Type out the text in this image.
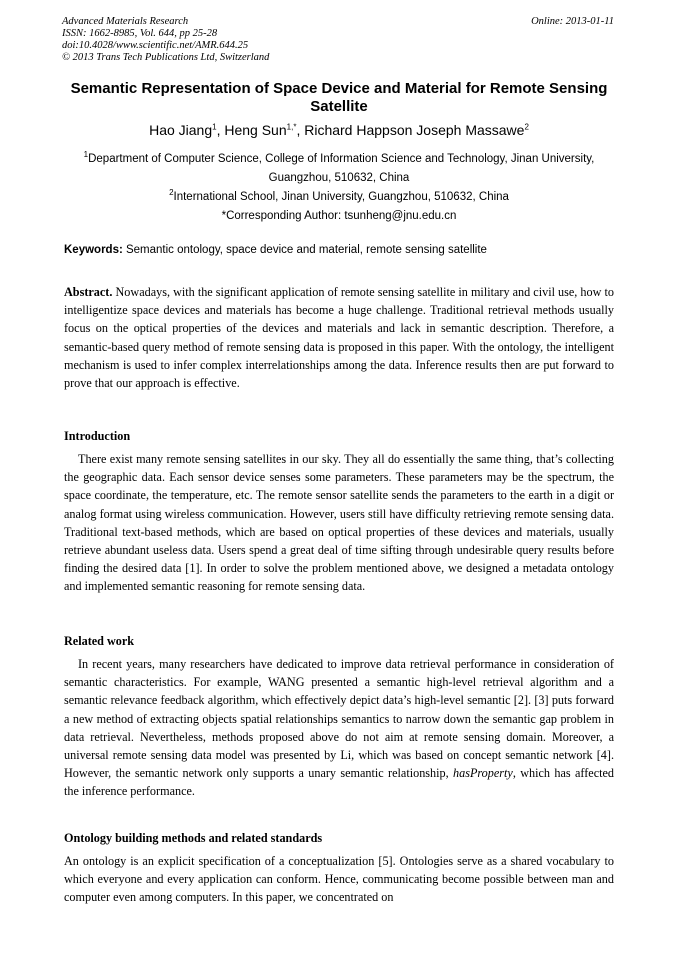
Advanced Materials Research
ISSN: 1662-8985, Vol. 644, pp 25-28
doi:10.4028/www.scientific.net/AMR.644.25
© 2013 Trans Tech Publications Ltd, Switzerland
Online: 2013-01-11
Semantic Representation of Space Device and Material for Remote Sensing Satellite
Hao Jiang$^1$, Heng Sun$^{1,*}$, Richard Happson Joseph Massawe$^2$
$^1$Department of Computer Science, College of Information Science and Technology, Jinan University, Guangzhou, 510632, China
$^2$International School, Jinan University, Guangzhou, 510632, China
*Corresponding Author: tsunheng@jnu.edu.cn
Keywords: Semantic ontology, space device and material, remote sensing satellite

Abstract. Nowadays, with the significant application of remote sensing satellite in military and civil use, how to intelligentize space devices and materials has become a huge challenge. Traditional retrieval methods usually focus on the optical properties of the devices and materials and lack in semantic description. Therefore, a semantic-based query method of remote sensing data is proposed in this paper. With the ontology, the intelligent mechanism is used to infer complex interrelationships among the data. Inference results then are put forward to prove that our approach is effective.

Introduction

There exist many remote sensing satellites in our sky. They all do essentially the same thing, that’s collecting the geographic data. Each sensor device senses some parameters. These parameters may be the spectrum, the space coordinate, the temperature, etc. The remote sensor satellite sends the parameters to the earth in a digit or analog format using wireless communication. However, users still have difficulty retrieving remote sensing data. Traditional text-based methods, which are based on optical properties of these devices and materials, usually retrieve abundant useless data. Users spend a great deal of time sifting through undesirable query results before finding the desired data [1]. In order to solve the problem mentioned above, we designed a metadata ontology and implemented semantic reasoning for remote sensing data.

Related work

In recent years, many researchers have dedicated to improve data retrieval performance in consideration of semantic characteristics. For example, WANG presented a semantic high-level retrieval algorithm and a semantic relevance feedback algorithm, which effectively depict data’s high-level semantic [2]. [3] puts forward a new method of extracting objects spatial relationships semantics to narrow down the semantic gap problem in data retrieval. Nevertheless, methods proposed above do not aim at remote sensing domain. Moreover, a universal remote sensing data model was presented by Li, which was based on concept semantic network [4]. However, the semantic network only supports a unary semantic relationship, hasProperty, which has affected the inference performance.

Ontology building methods and related standards

An ontology is an explicit specification of a conceptualization [5]. Ontologies serve as a shared vocabulary to which everyone and every application can conform. Hence, communicating become possible between man and computer even among computers. In this paper, we concentrated on
